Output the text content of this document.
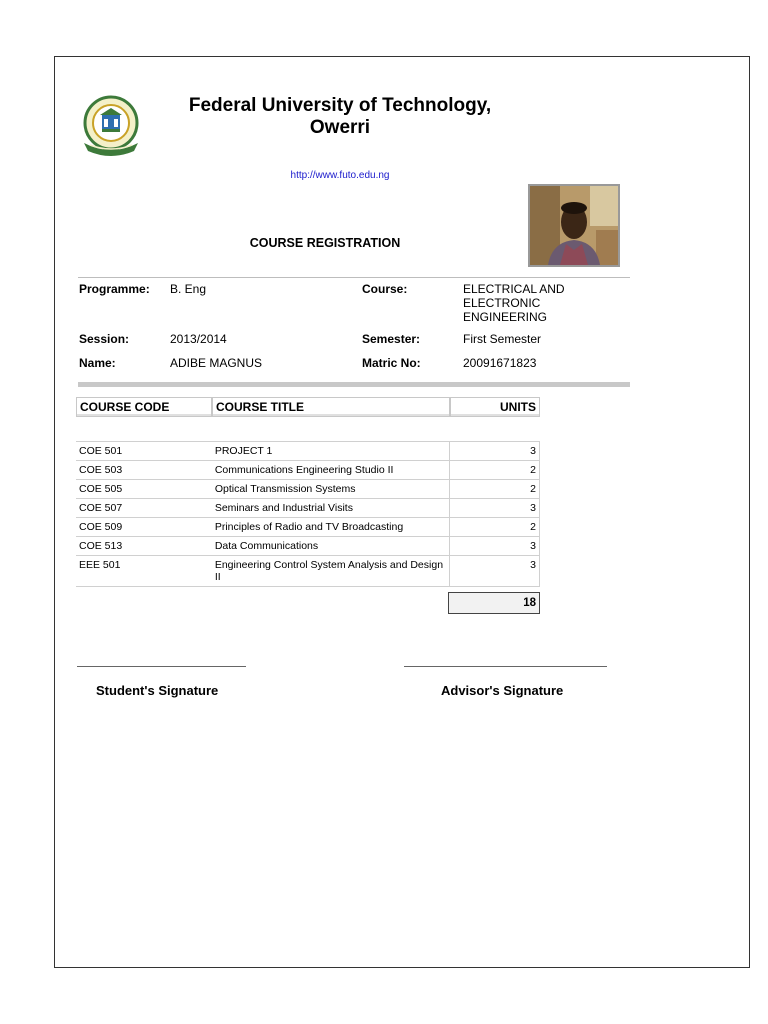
Federal University of Technology,
Owerri
http://www.futo.edu.ng
COURSE REGISTRATION
Programme: B. Eng	Course:	ELECTRICAL AND
ELECTRONIC
ENGINEERING
Session:	2013/2014	Semester:	First Semester
Name:	ADIBE MAGNUS	Matric No:	20091671823
COURSE CODE	COURSE TITLE	UNITS
COE 501	PROJECT 1	3
COE 503	Communications Engineering Studio II	2
COE 505	Optical Transmission Systems	2
COE 507	Seminars and Industrial Visits	3
COE 509	Principles of Radio and TV Broadcasting	2
COE 513	Data Communications	3
EEE 501	Engineering Control System Analysis and Design II	3
18
Student's Signature	Advisor's Signature
